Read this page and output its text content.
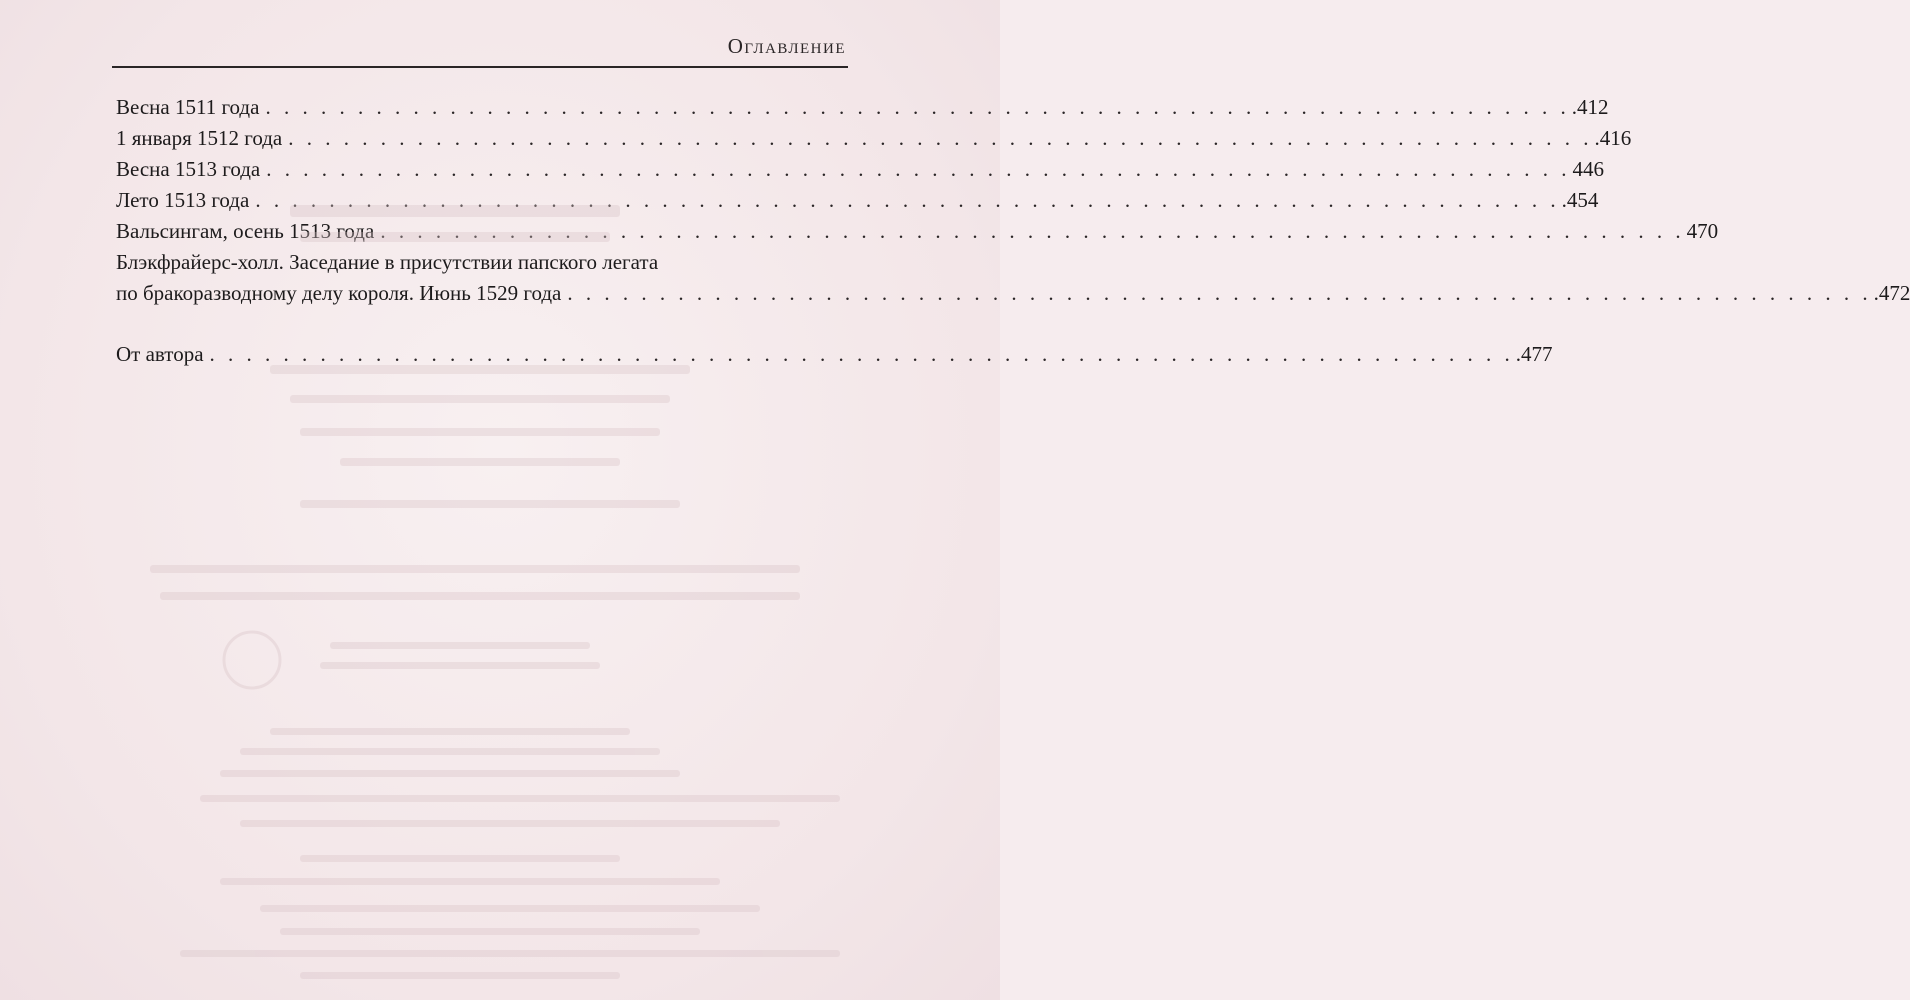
Оглавление
Весна 1511 года . . . . . . . . . . . . . . . . . . . . . . . . . . . . . . . . . . . . . . . . . . . . . . . . . . . . . . . . . . . . . . . . . . . . . . . .412
1 января 1512 года . . . . . . . . . . . . . . . . . . . . . . . . . . . . . . . . . . . . . . . . . . . . . . . . . . . . . . . . . . . . . . . . . . . . . . . .416
Весна 1513 года . . . . . . . . . . . . . . . . . . . . . . . . . . . . . . . . . . . . . . . . . . . . . . . . . . . . . . . . . . . . . . . . . . . . . . . 446
Лето 1513 года . . . . . . . . . . . . . . . . . . . . . . . . . . . . . . . . . . . . . . . . . . . . . . . . . . . . . . . . . . . . . . . . . . . . . . . .454
Вальсингам, осень 1513 года . . . . . . . . . . . . . . . . . . . . . . . . . . . . . . . . . . . . . . . . . . . . . . . . . . . . . . . . . . . . . . . . . . . . . . . 470
Блэкфрайерс-холл. Заседание в присутствии папского легата
по бракоразводному делу короля. Июнь 1529 года . . . . . . . . . . . . . . . . . . . . . . . . . . . . . . . . . . . . . . . . . . . . . . . . . . . . . . . . . . . . . . . . . . . . . . . .472
От автора . . . . . . . . . . . . . . . . . . . . . . . . . . . . . . . . . . . . . . . . . . . . . . . . . . . . . . . . . . . . . . . . . . . . . . . .477
